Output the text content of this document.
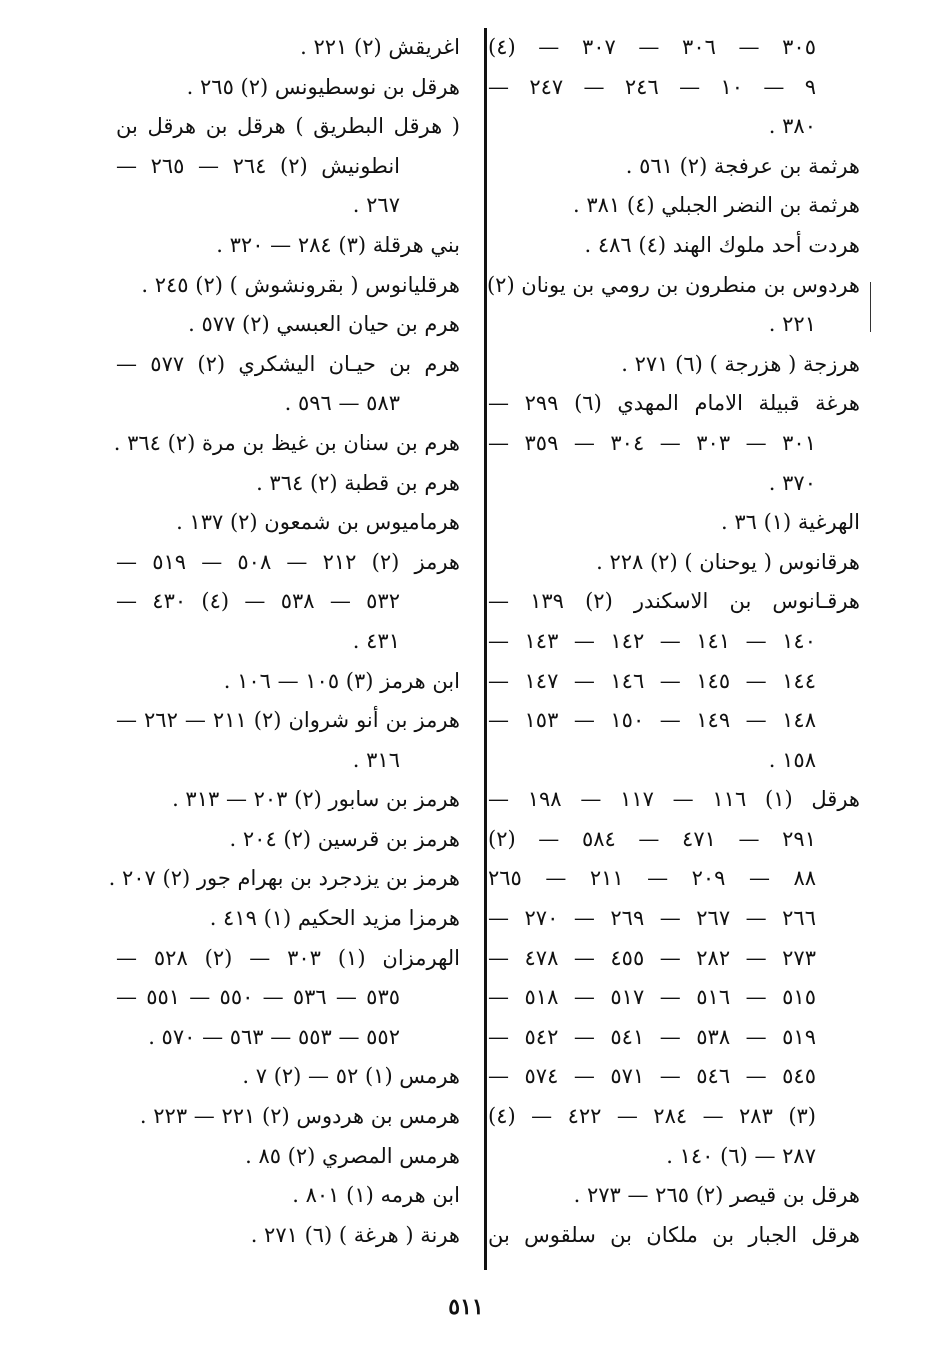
٣٠٥ — ٣٠٦ — ٣٠٧ — (٤)
٩ — ١٠ — ٢٤٦ — ٢٤٧ —
٣٨٠ .
هرثمة بن عرفجة (٢) ٥٦١ .
هرثمة بن النضر الجبلي (٤) ٣٨١ .
هردت أحد ملوك الهند (٤) ٤٨٦ .
هردوس بن منطرون بن رومي بن يونان (٢)
٢٢١ .
هرزجة ( هزرجة ) (٦) ٢٧١ .
هرغة قبيلة الامام المهدي (٦) ٢٩٩ —
٣٠١ — ٣٠٣ — ٣٠٤ — ٣٥٩ —
٣٧٠ .
الهرغية (١) ٣٦ .
هرقانوس ( يوحنان ) (٢) ٢٢٨ .
هرقـانوس بن الاسكندر (٢) ١٣٩ —
١٤٠ — ١٤١ — ١٤٢ — ١٤٣ —
١٤٤ — ١٤٥ — ١٤٦ — ١٤٧ —
١٤٨ — ١٤٩ — ١٥٠ — ١٥٣ —
١٥٨ .
هرقل (١) ١١٦ — ١١٧ — ١٩٨ —
٢٩١ — ٤٧١ — ٥٨٤ — (٢)
٨٨ — ٢٠٩ — ٢١١ — ٢٦٥
٢٦٦ — ٢٦٧ — ٢٦٩ — ٢٧٠ —
٢٧٣ — ٢٨٢ — ٤٥٥ — ٤٧٨ —
٥١٥ — ٥١٦ — ٥١٧ — ٥١٨ —
٥١٩ — ٥٣٨ — ٥٤١ — ٥٤٢ —
٥٤٥ — ٥٤٦ — ٥٧١ — ٥٧٤ —
(٣) ٢٨٣ — ٢٨٤ — ٤٢٢ — (٤)
٢٨٧ — (٦) ١٤٠ .
هرقل بن قيصر (٢) ٢٦٥ — ٢٧٣ .
هرقل الجبار بن ملكان بن سلقوس بن
اغريقش (٢) ٢٢١ .
هرقل بن نوسطيونس (٢) ٢٦٥ .
( هرقل البطريق ) هرقل بن هرقل بن
انطونيش (٢) ٢٦٤ — ٢٦٥ —
٢٦٧ .
بني هرقلة (٣) ٢٨٤ — ٣٢٠ .
هرقليانوس ( بقرونشوش ) (٢) ٢٤٥ .
هرم بن حيان العبسي (٢) ٥٧٧ .
هرم بن حيـان اليشكري (٢) ٥٧٧ —
٥٨٣ — ٥٩٦ .
هرم بن سنان بن غيظ بن مرة (٢) ٣٦٤ .
هرم بن قطبة (٢) ٣٦٤ .
هرماميوس بن شمعون (٢) ١٣٧ .
هرمز (٢) ٢١٢ — ٥٠٨ — ٥١٩ —
٥٣٢ — ٥٣٨ — (٤) ٤٣٠ —
٤٣١ .
ابن هرمز (٣) ١٠٥ — ١٠٦ .
هرمز بن أنو شروان (٢) ٢١١ — ٢٦٢ —
٣١٦ .
هرمز بن سابور (٢) ٢٠٣ — ٣١٣ .
هرمز بن قرسين (٢) ٢٠٤ .
هرمز بن يزدجرد بن بهرام جور (٢) ٢٠٧ .
هرمزا مزيد الحكيم (١) ٤١٩ .
الهرمزان (١) ٣٠٣ — (٢) ٥٢٨ —
٥٣٥ — ٥٣٦ — ٥٥٠ — ٥٥١ —
٥٥٢ — ٥٥٣ — ٥٦٣ — ٥٧٠ .
هرمس (١) ٥٢ — (٢) ٧ .
هرمس بن هردوس (٢) ٢٢١ — ٢٢٣ .
هرمس المصري (٢) ٨٥ .
ابن هرمه (١) ٨٠١ .
هرنة ( هرغة ) (٦) ٢٧١ .
٥١١
